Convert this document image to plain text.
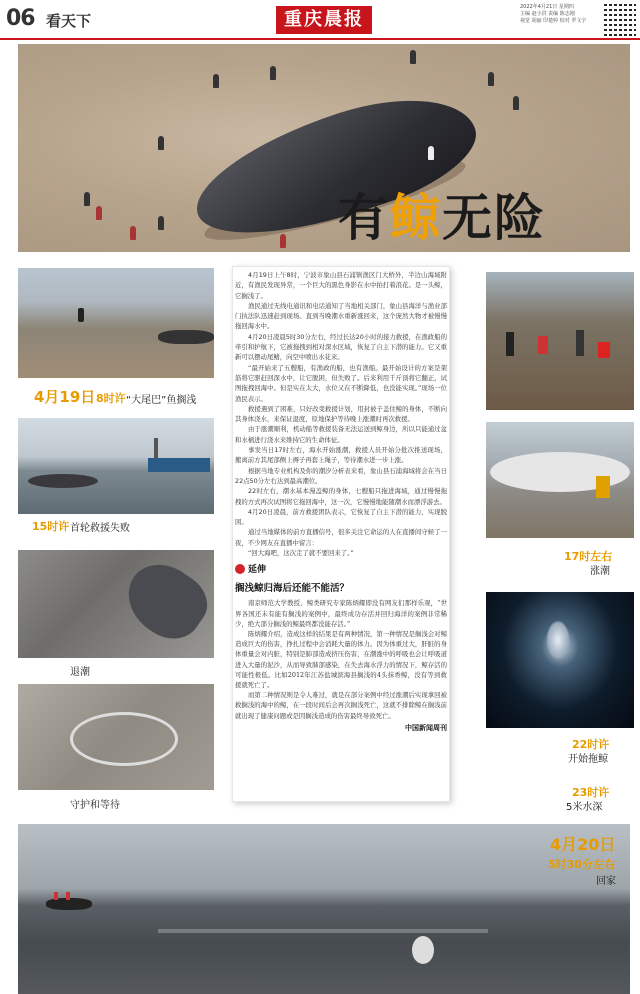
06 看天下	重庆晨报
2022年4月21日 星期四
主编 赵小洪 责编 陈志刚
视觉 胡丽 印楚婷 校对 罗文宇
有鲸无险
4月19日 8时许 “大尾巴”鱼搁浅
15时许 首轮救援失败
退潮
守护和等待

4月19日上午8时，宁波市象山县石浦镇渔区门大桥外，半边山海域附近，有渔民发现异常，一个巨大的黑色身影在水中拍打着浪花。是一头鲸，它搁浅了。

渔民通过无线电通讯和电话通知了当地相关部门，象山县海洋与渔业部门执法队迅速赶到现场。直到当晚潮水重新涨回来，这个庞然大物才被慢慢拖回海水中。

4月20日凌晨5时30分左右，经过长达20小时的接力救援，在渔政船的牵引和护航下，它被拖拽到相对深水区域，恢复了自主下潜的能力。它又重新可以摆动尾鳍，向空中喷出水花来。

“最开始来了五艘船，有渔政的船，也有渔船。最开始设计的方案是架筋将它驱赶回深水中，让它脱困，但失败了。后来利用千斤顶将它翻正，试图拖拽回海中。但是实在太大，水位又在不断降低，也没能实现。”现场一位渔民表示。

救援遇到了困难，只好改变救援计划，用封被子盖住鲸的身体，不断向其身体浇水，来保证湿度，原地保护等待晚上涨潮时再次救援。

由于涨潮顺利，机动船等救援装备无法运送到鲸身边，所以只能通过盆和水桶进行浇水来维持它的生命体征。

事发当日17时左右，海水开始涨潮，救援人员开始分批次推送现场，搬离前方其尾部侧上褥子再套上绳子，等待潮水进一步上涨。

根据当地专业机构及你的潮汐分析表来看，象山县石浦海域将会在当日22点50分左右达到最高潮位。

22时左右，潮水基本漫盖鲸的身体，七艘船只拖进海域，通过慢慢拖拽的方式再次试图将它拖回海中，这一次，它慢慢地能随潮水而漂浮游去。

4月20日凌晨，前方救援团队表示，它恢复了自主下潜的能力，实现脱困。

通过当地媒体的前方直播信号，很多关注它命运的人在直播间守候了一夜，不少网友在直播中留言：

“回大海吧，这次走了就不要回来了。”

延伸
搁浅鲸归海后还能不能活？

南京师范大学教授、鲸类研究专家陈炳耀即没有网友们那样乐观，“世界各国还未有能有搁浅的案例中，最终成功存活并回归海洋的案例非常稀少，绝大部分搁浅的鲸最终都没能存活。”

陈炳耀介绍，造成这样的结果是有两种情况，第一种情况是搁浅会对鲸造成巨大的伤害，挣扎过程中会消耗大量的体力。因为体重过大，肝脏的身体重量会对内脏，特别是肺部造成挤压伤害，在潮涨中的呼吸也会让呼吸道进入大量的泥沙，从而导致肺部感染，在失去海水浮力的情况下，鲸存活的可能性极低。比如2012年江苏盐城滨海县搁浅的4头抹香鲸，没有等到救援就死亡了。

而第二种情况则是令人难过，就是在部分案例中经过涨潮后实现拿回被救搁浅的海中的鲸，在一段时间后会再次搁浅死亡，这就不排除鲸在搁浅前就出现了健康问题或是因搁浅造成的伤害最终导致死亡。

中国新闻周刊
17时左右
涨潮
22时许
开始拖鲸
23时许
5米水深
4月20日
5时30分左右
回家
